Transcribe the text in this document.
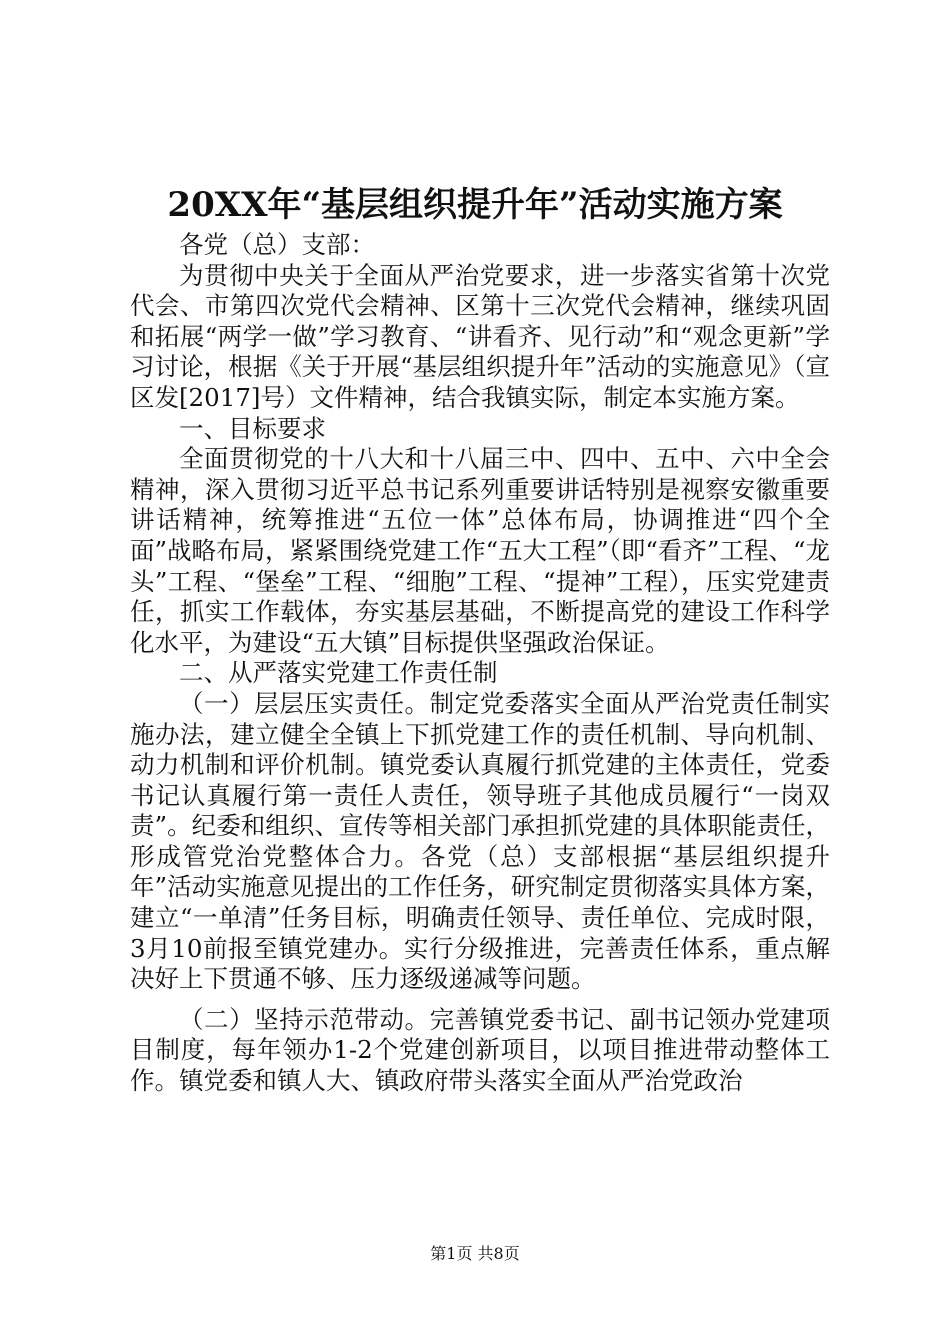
20XX年“基层组织提升年”活动实施方案

各党（总）支部：

为贯彻中央关于全面从严治党要求，进一步落实省第十次党代会、市第四次党代会精神、区第十三次党代会精神，继续巩固和拓展“两学一做”学习教育、“讲看齐、见行动”和“观念更新”学习讨论，根据《关于开展“基层组织提升年”活动的实施意见》（宣区发[2017]号）文件精神，结合我镇实际，制定本实施方案。

一、目标要求

全面贯彻党的十八大和十八届三中、四中、五中、六中全会精神，深入贯彻习近平总书记系列重要讲话特别是视察安徽重要讲话精神，统筹推进“五位一体”总体布局，协调推进“四个全面”战略布局，紧紧围绕党建工作“五大工程”（即“看齐”工程、“龙头”工程、“堡垒”工程、“细胞”工程、“提神”工程），压实党建责任，抓实工作载体，夯实基层基础，不断提高党的建设工作科学化水平，为建设“五大镇”目标提供坚强政治保证。

二、从严落实党建工作责任制

（一）层层压实责任。制定党委落实全面从严治党责任制实施办法，建立健全全镇上下抓党建工作的责任机制、导向机制、动力机制和评价机制。镇党委认真履行抓党建的主体责任，党委书记认真履行第一责任人责任，领导班子其他成员履行“一岗双责”。纪委和组织、宣传等相关部门承担抓党建的具体职能责任，形成管党治党整体合力。各党（总）支部根据“基层组织提升年”活动实施意见提出的工作任务，研究制定贯彻落实具体方案，建立“一单清”任务目标，明确责任领导、责任单位、完成时限，3月10前报至镇党建办。实行分级推进，完善责任体系，重点解决好上下贯通不够、压力逐级递减等问题。

（二）坚持示范带动。完善镇党委书记、副书记领办党建项目制度，每年领办1-2个党建创新项目，以项目推进带动整体工作。镇党委和镇人大、镇政府带头落实全面从严治党政治

第1页 共8页
